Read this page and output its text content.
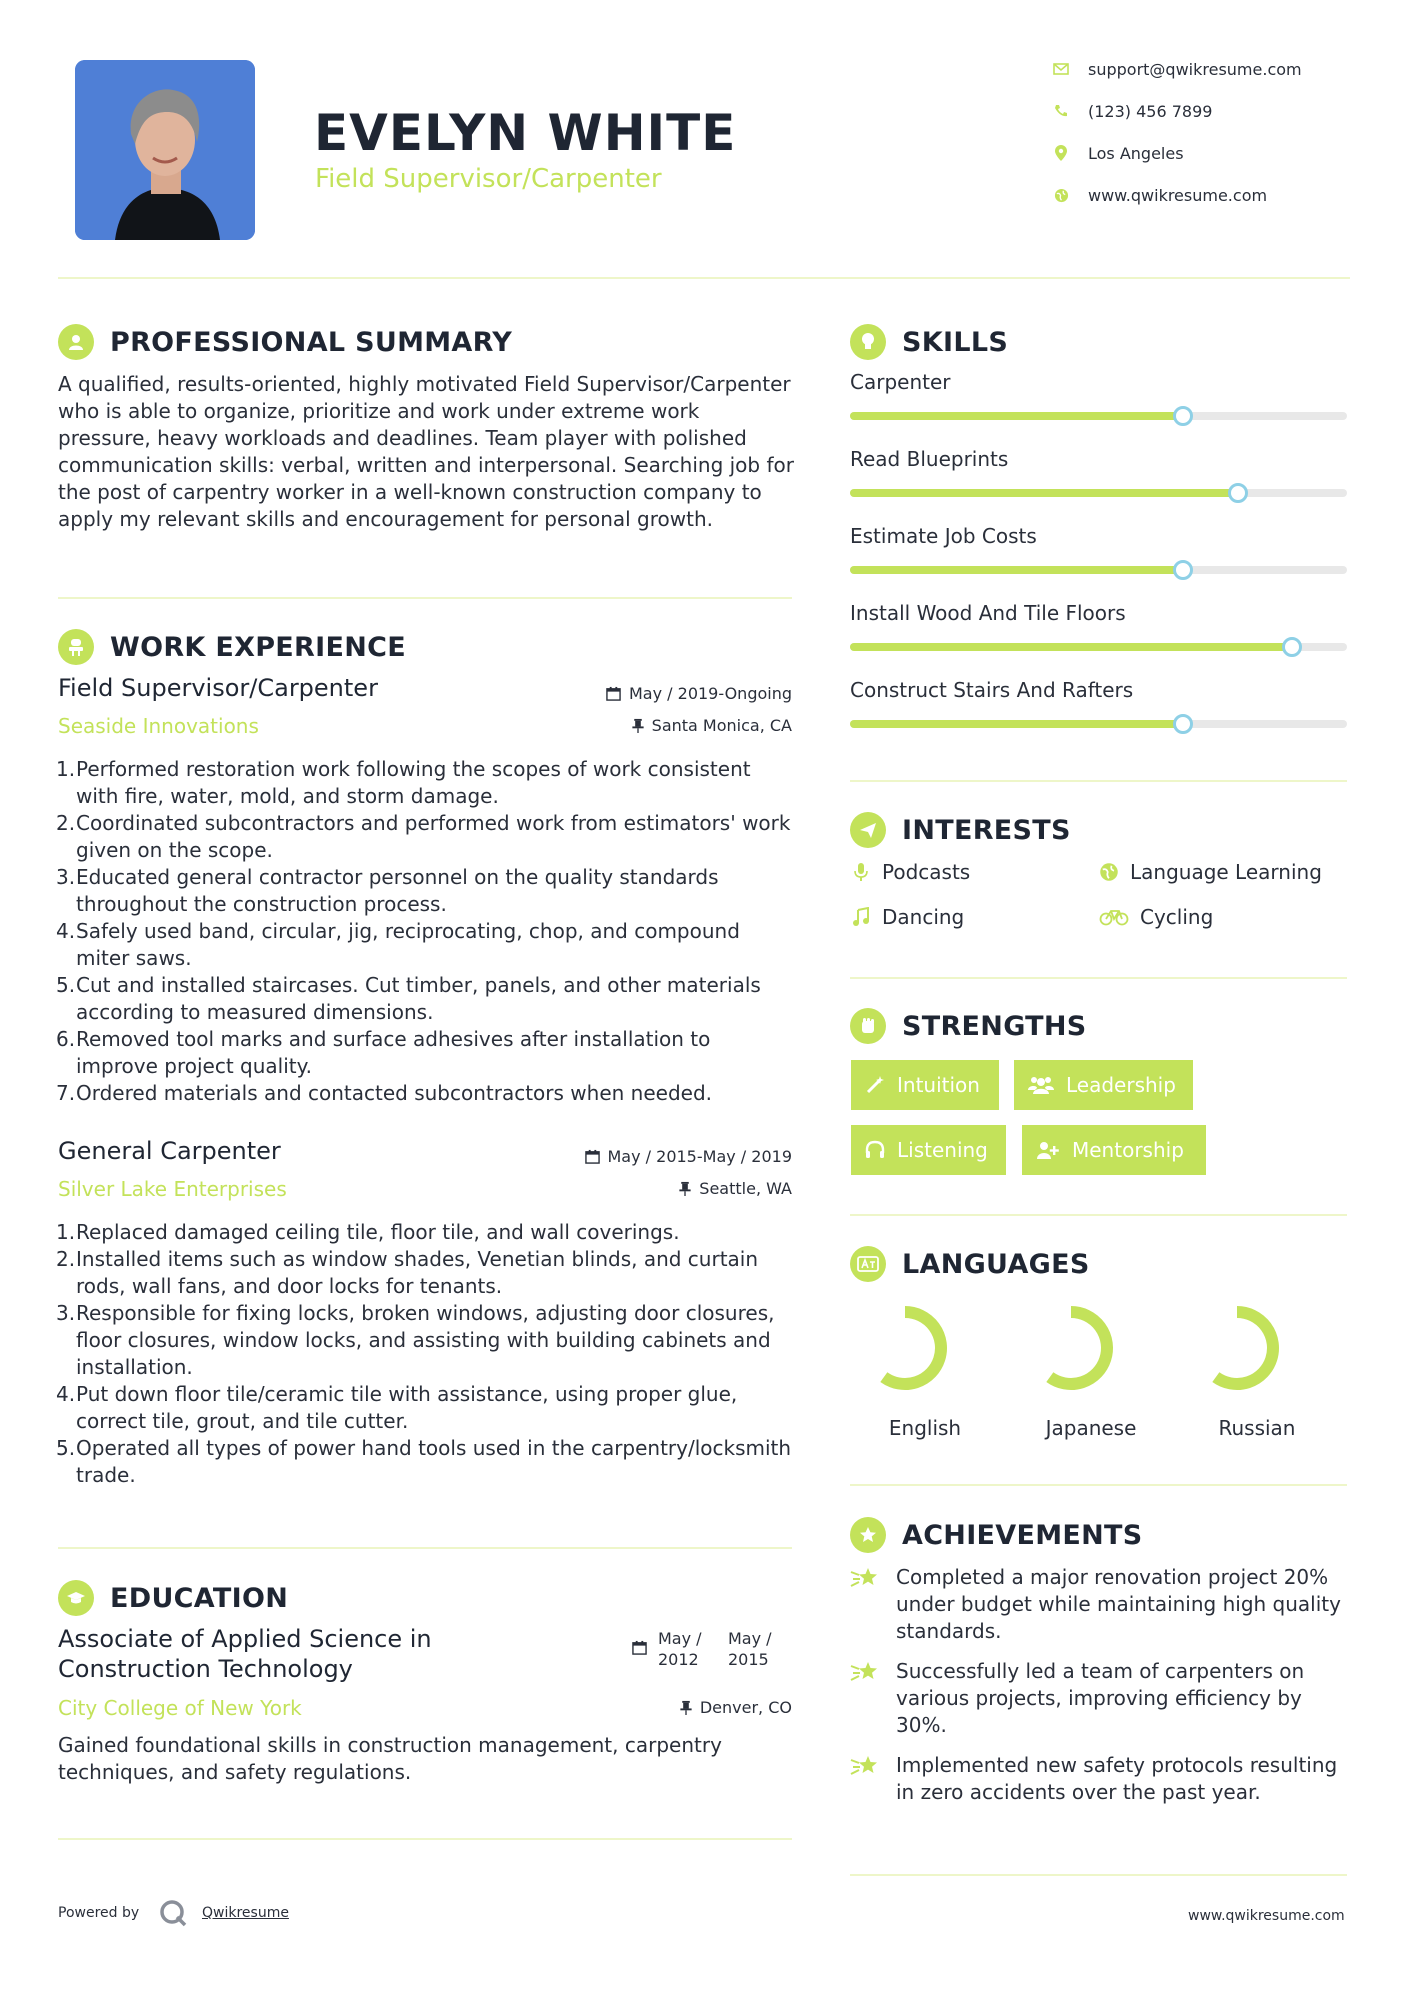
EVELYN WHITE
Field Supervisor/Carpenter
support@qwikresume.com
(123) 456 7899
Los Angeles
www.qwikresume.com
PROFESSIONAL SUMMARY
A qualified, results-oriented, highly motivated Field Supervisor/Carpenter who is able to organize, prioritize and work under extreme work pressure, heavy workloads and deadlines. Team player with polished communication skills: verbal, written and interpersonal. Searching job for the post of carpentry worker in a well-known construction company to apply my relevant skills and encouragement for personal growth.
WORK EXPERIENCE
Field Supervisor/Carpenter	May / 2019-Ongoing
Seaside Innovations	Santa Monica, CA
1. Performed restoration work following the scopes of work consistent with fire, water, mold, and storm damage.
2. Coordinated subcontractors and performed work from estimators' work given on the scope.
3. Educated general contractor personnel on the quality standards throughout the construction process.
4. Safely used band, circular, jig, reciprocating, chop, and compound miter saws.
5. Cut and installed staircases. Cut timber, panels, and other materials according to measured dimensions.
6. Removed tool marks and surface adhesives after installation to improve project quality.
7. Ordered materials and contacted subcontractors when needed.
General Carpenter	May / 2015-May / 2019
Silver Lake Enterprises	Seattle, WA
1. Replaced damaged ceiling tile, floor tile, and wall coverings.
2. Installed items such as window shades, Venetian blinds, and curtain rods, wall fans, and door locks for tenants.
3. Responsible for fixing locks, broken windows, adjusting door closures, floor closures, window locks, and assisting with building cabinets and installation.
4. Put down floor tile/ceramic tile with assistance, using proper glue, correct tile, grout, and tile cutter.
5. Operated all types of power hand tools used in the carpentry/locksmith trade.
EDUCATION
Associate of Applied Science in
Construction Technology
May /
2012
May /
2015
City College of New York	Denver, CO
Gained foundational skills in construction management, carpentry techniques, and safety regulations.
SKILLS
Carpenter
Read Blueprints
Estimate Job Costs
Install Wood And Tile Floors
Construct Stairs And Rafters
INTERESTS
Podcasts	Language Learning
Dancing	Cycling
STRENGTHS
Intuition	Leadership
Listening	Mentorship
LANGUAGES
English	Japanese	Russian
ACHIEVEMENTS
Completed a major renovation project 20% under budget while maintaining high quality standards.
Successfully led a team of carpenters on various projects, improving efficiency by 30%.
Implemented new safety protocols resulting in zero accidents over the past year.
Powered by	Qwikresume	www.qwikresume.com
